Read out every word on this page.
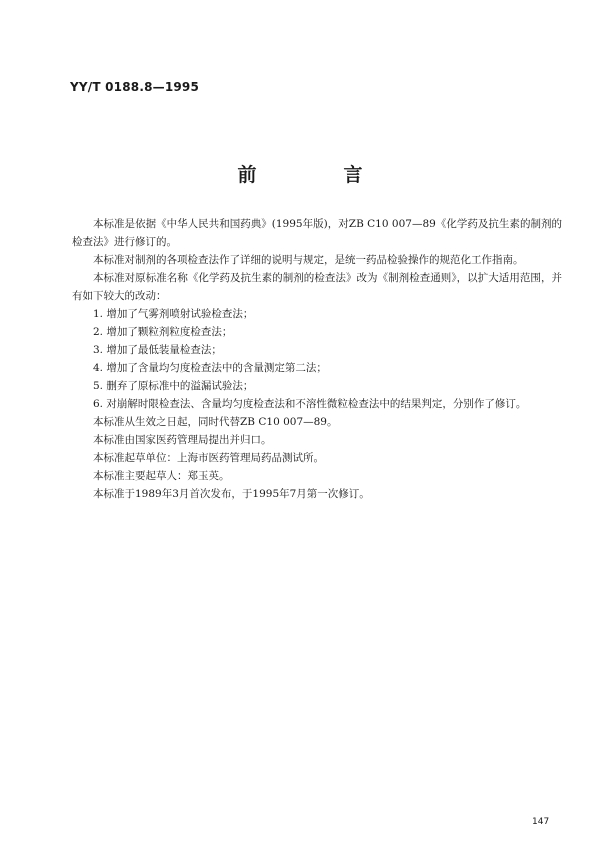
YY/T 0188.8—1995
前　言

本标准是依据《中华人民共和国药典》(1995年版)，对ZB C10 007—89《化学药及抗生素的制剂的检查法》进行修订的。

本标准对制剂的各项检查法作了详细的说明与规定，是统一药品检验操作的规范化工作指南。

本标准对原标准名称《化学药及抗生素的制剂的检查法》改为《制剂检查通则》，以扩大适用范围，并有如下较大的改动：

1. 增加了气雾剂喷射试验检查法；

2. 增加了颗粒剂粒度检查法；

3. 增加了最低装量检查法；

4. 增加了含量均匀度检查法中的含量测定第二法；

5. 删弃了原标准中的溢漏试验法；

6. 对崩解时限检查法、含量均匀度检查法和不溶性微粒检查法中的结果判定，分别作了修订。

本标准从生效之日起，同时代替ZB C10 007—89。

本标准由国家医药管理局提出并归口。

本标准起草单位：上海市医药管理局药品测试所。

本标准主要起草人：郑玉英。

本标准于1989年3月首次发布，于1995年7月第一次修订。

147
